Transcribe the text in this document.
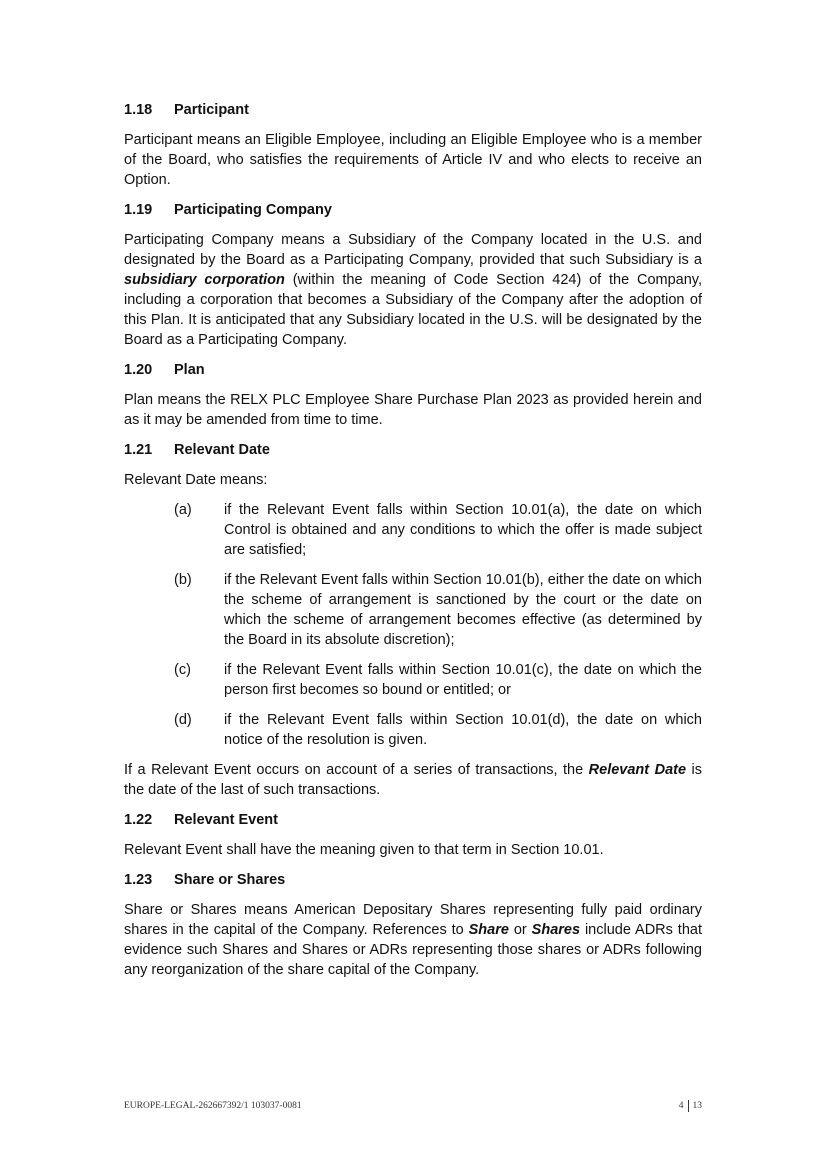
1.18	Participant

Participant means an Eligible Employee, including an Eligible Employee who is a member of the Board, who satisfies the requirements of Article IV and who elects to receive an Option.

1.19	Participating Company

Participating Company means a Subsidiary of the Company located in the U.S. and designated by the Board as a Participating Company, provided that such Subsidiary is a subsidiary corporation (within the meaning of Code Section 424) of the Company, including a corporation that becomes a Subsidiary of the Company after the adoption of this Plan. It is anticipated that any Subsidiary located in the U.S. will be designated by the Board as a Participating Company.

1.20	Plan

Plan means the RELX PLC Employee Share Purchase Plan 2023 as provided herein and as it may be amended from time to time.

1.21	Relevant Date

Relevant Date means:

(a)	if the Relevant Event falls within Section 10.01(a), the date on which Control is obtained and any conditions to which the offer is made subject are satisfied;
(b)	if the Relevant Event falls within Section 10.01(b), either the date on which the scheme of arrangement is sanctioned by the court or the date on which the scheme of arrangement becomes effective (as determined by the Board in its absolute discretion);
(c)	if the Relevant Event falls within Section 10.01(c), the date on which the person first becomes so bound or entitled; or
(d)	if the Relevant Event falls within Section 10.01(d), the date on which notice of the resolution is given.

If a Relevant Event occurs on account of a series of transactions, the Relevant Date is the date of the last of such transactions.

1.22	Relevant Event

Relevant Event shall have the meaning given to that term in Section 10.01.

1.23	Share or Shares

Share or Shares means American Depositary Shares representing fully paid ordinary shares in the capital of the Company. References to Share or Shares include ADRs that evidence such Shares and Shares or ADRs representing those shares or ADRs following any reorganization of the share capital of the Company.

EUROPE-LEGAL-262667392/1 103037-0081	4 13
